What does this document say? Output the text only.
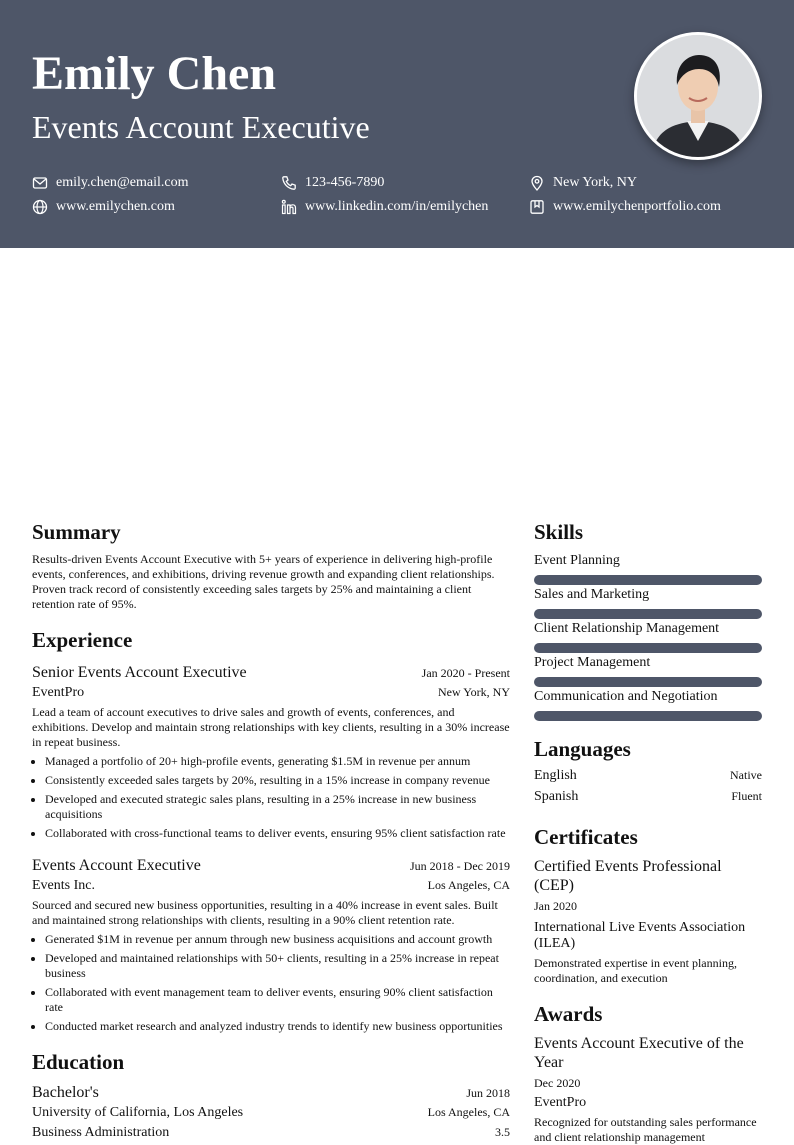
Emily Chen
Events Account Executive
emily.chen@email.com	123-456-7890	New York, NY
www.emilychen.com	www.linkedin.com/in/emilychen	www.emilychenportfolio.com
Summary
Results-driven Events Account Executive with 5+ years of experience in delivering high-profile events, conferences, and exhibitions, driving revenue growth and expanding client relationships. Proven track record of consistently exceeding sales targets by 25% and maintaining a client retention rate of 95%.
Experience
Senior Events Account Executive	Jan 2020 - Present
EventPro	New York, NY
Lead a team of account executives to drive sales and growth of events, conferences, and exhibitions. Develop and maintain strong relationships with key clients, resulting in a 30% increase in repeat business.
• Managed a portfolio of 20+ high-profile events, generating $1.5M in revenue per annum
• Consistently exceeded sales targets by 20%, resulting in a 15% increase in company revenue
• Developed and executed strategic sales plans, resulting in a 25% increase in new business acquisitions
• Collaborated with cross-functional teams to deliver events, ensuring 95% client satisfaction rate
Events Account Executive	Jun 2018 - Dec 2019
Events Inc.	Los Angeles, CA
Sourced and secured new business opportunities, resulting in a 40% increase in event sales. Built and maintained strong relationships with clients, resulting in a 90% client retention rate.
• Generated $1M in revenue per annum through new business acquisitions and account growth
• Developed and maintained relationships with 50+ clients, resulting in a 25% increase in repeat business
• Collaborated with event management team to deliver events, ensuring 90% client satisfaction rate
• Conducted market research and analyzed industry trends to identify new business opportunities
Education
Bachelor's	Jun 2018
University of California, Los Angeles	Los Angeles, CA
Business Administration	3.5
Skills
Event Planning
Sales and Marketing
Client Relationship Management
Project Management
Communication and Negotiation
Languages
English	Native
Spanish	Fluent
Certificates
Certified Events Professional (CEP)
Jan 2020
International Live Events Association (ILEA)
Demonstrated expertise in event planning, coordination, and execution
Awards
Events Account Executive of the Year
Dec 2020
EventPro
Recognized for outstanding sales performance and client relationship management
